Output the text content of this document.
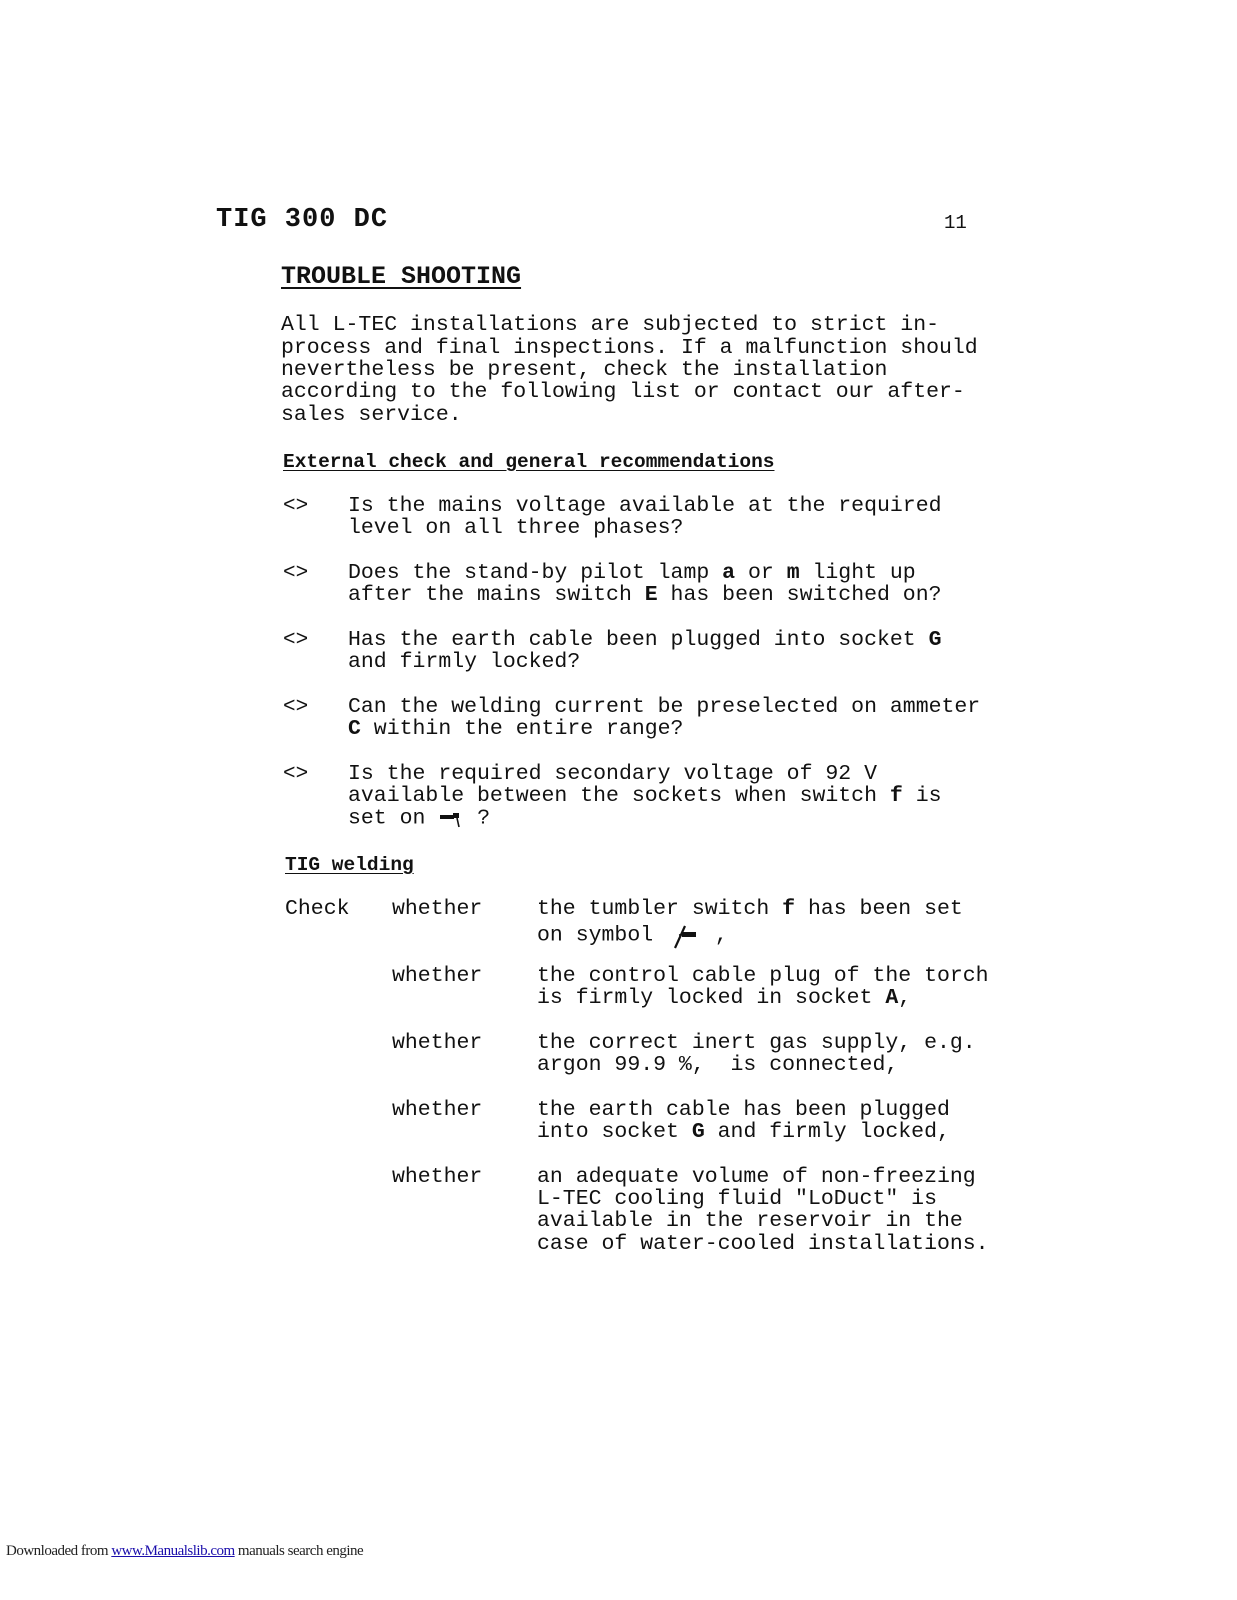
TIG 300 DC	11
TROUBLE SHOOTING
All L-TEC installations are subjected to strict in-
process and final inspections. If a malfunction should
nevertheless be present, check the installation
according to the following list or contact our after-
sales service.
External check and general recommendations
<> Is the mains voltage available at the required
level on all three phases?
<> Does the stand-by pilot lamp a or m light up
after the mains switch E has been switched on?
<> Has the earth cable been plugged into socket G
and firmly locked?
<> Can the welding current be preselected on ammeter
C within the entire range?
<> Is the required secondary voltage of 92 V
available between the sockets when switch f is
set on  ?
TIG welding
Check whether	the tumbler switch f has been set
on symbol  ,
whether	the control cable plug of the torch
is firmly locked in socket A,
whether	the correct inert gas supply, e.g.
argon 99.9 %,  is connected,
whether	the earth cable has been plugged
into socket G and firmly locked,
whether	an adequate volume of non-freezing
L-TEC cooling fluid "LoDuct" is
available in the reservoir in the
case of water-cooled installations.
Downloaded from www.Manualslib.com manuals search engine
